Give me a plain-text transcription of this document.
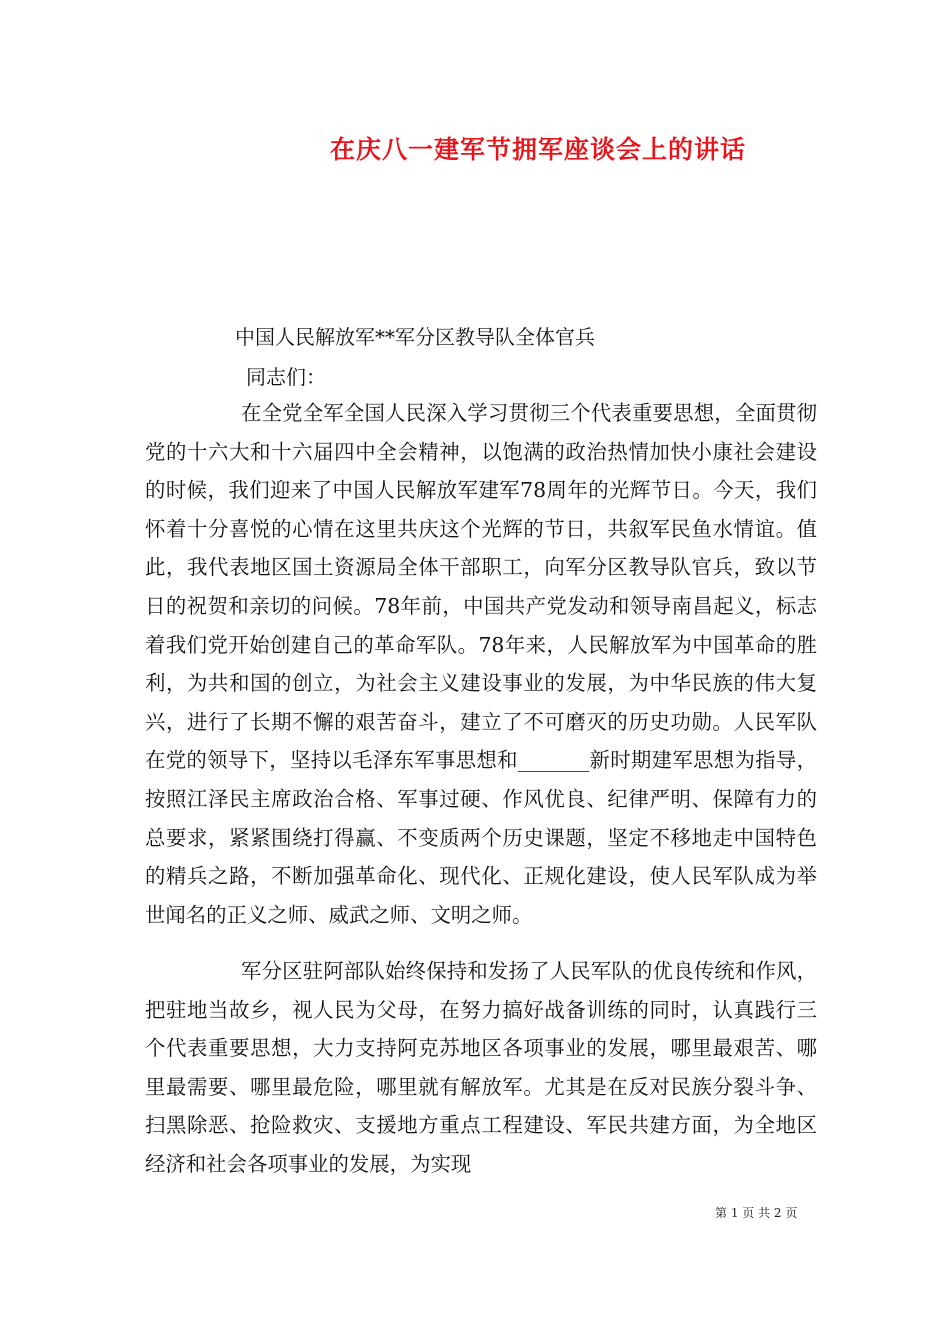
在庆八一建军节拥军座谈会上的讲话

中国人民解放军**军分区教导队全体官兵

同志们：

在全党全军全国人民深入学习贯彻三个代表重要思想，全面贯彻党的十六大和十六届四中全会精神，以饱满的政治热情加快小康社会建设的时候，我们迎来了中国人民解放军建军78周年的光辉节日。今天，我们怀着十分喜悦的心情在这里共庆这个光辉的节日，共叙军民鱼水情谊。值此，我代表地区国土资源局全体干部职工，向军分区教导队官兵，致以节日的祝贺和亲切的问候。78年前，中国共产党发动和领导南昌起义，标志着我们党开始创建自己的革命军队。78年来，人民解放军为中国革命的胜利，为共和国的创立，为社会主义建设事业的发展，为中华民族的伟大复兴，进行了长期不懈的艰苦奋斗，建立了不可磨灭的历史功勋。人民军队在党的领导下，坚持以毛泽东军事思想和_______新时期建军思想为指导，按照江泽民主席政治合格、军事过硬、作风优良、纪律严明、保障有力的总要求，紧紧围绕打得赢、不变质两个历史课题，坚定不移地走中国特色的精兵之路，不断加强革命化、现代化、正规化建设，使人民军队成为举世闻名的正义之师、威武之师、文明之师。

军分区驻阿部队始终保持和发扬了人民军队的优良传统和作风，把驻地当故乡，视人民为父母，在努力搞好战备训练的同时，认真践行三个代表重要思想，大力支持阿克苏地区各项事业的发展，哪里最艰苦、哪里最需要、哪里最危险，哪里就有解放军。尤其是在反对民族分裂斗争、扫黑除恶、抢险救灾、支援地方重点工程建设、军民共建方面，为全地区经济和社会各项事业的发展，为实现

第 1 页 共 2 页
